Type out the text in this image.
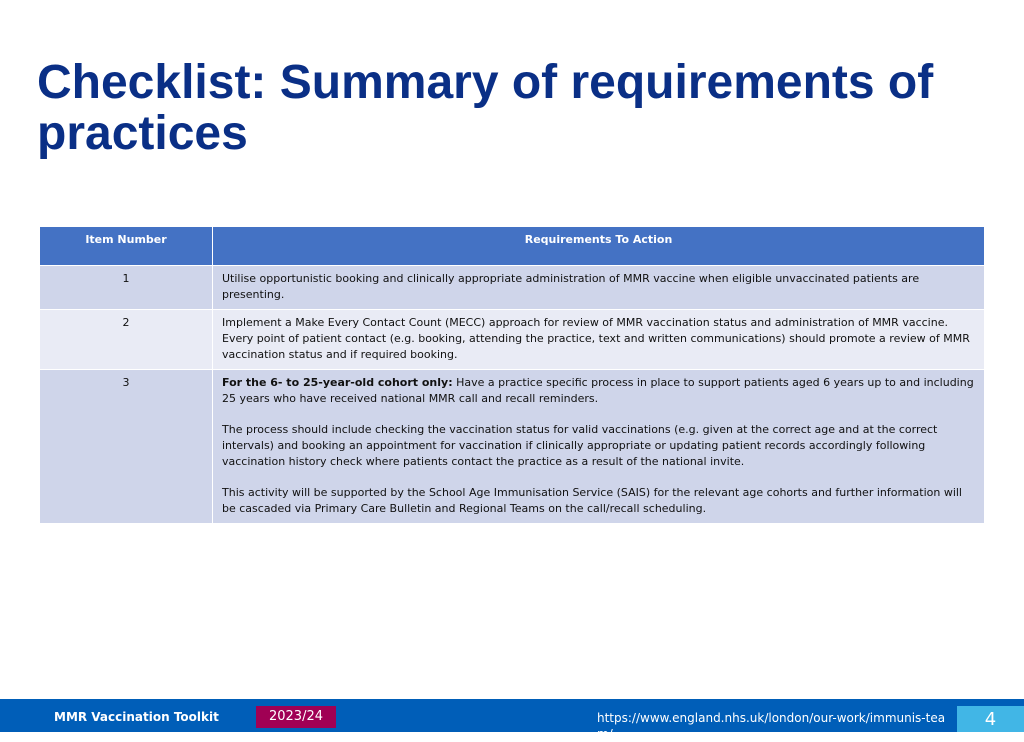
Checklist: Summary of requirements of practices
Item Number	Requirements To Action
1	Utilise opportunistic booking and clinically appropriate administration of MMR vaccine when eligible unvaccinated patients are presenting.

2	Implement a Make Every Contact Count (MECC) approach for review of MMR vaccination status and administration of MMR vaccine. Every point of patient contact (e.g. booking, attending the practice, text and written communications) should promote a review of MMR vaccination status and if required booking.

3	For the 6- to 25-year-old cohort only: Have a practice specific process in place to support patients aged 6 years up to and including 25 years who have received national MMR call and recall reminders.

The process should include checking the vaccination status for valid vaccinations (e.g. given at the correct age and at the correct intervals) and booking an appointment for vaccination if clinically appropriate or updating patient records accordingly following vaccination history check where patients contact the practice as a result of the national invite.

This activity will be supported by the School Age Immunisation Service (SAIS) for the relevant age cohorts and further information will be cascaded via Primary Care Bulletin and Regional Teams on the call/recall scheduling.

MMR Vaccination Toolkit	2023/24	https://www.england.nhs.uk/london/our-work/immunis-team/
4
